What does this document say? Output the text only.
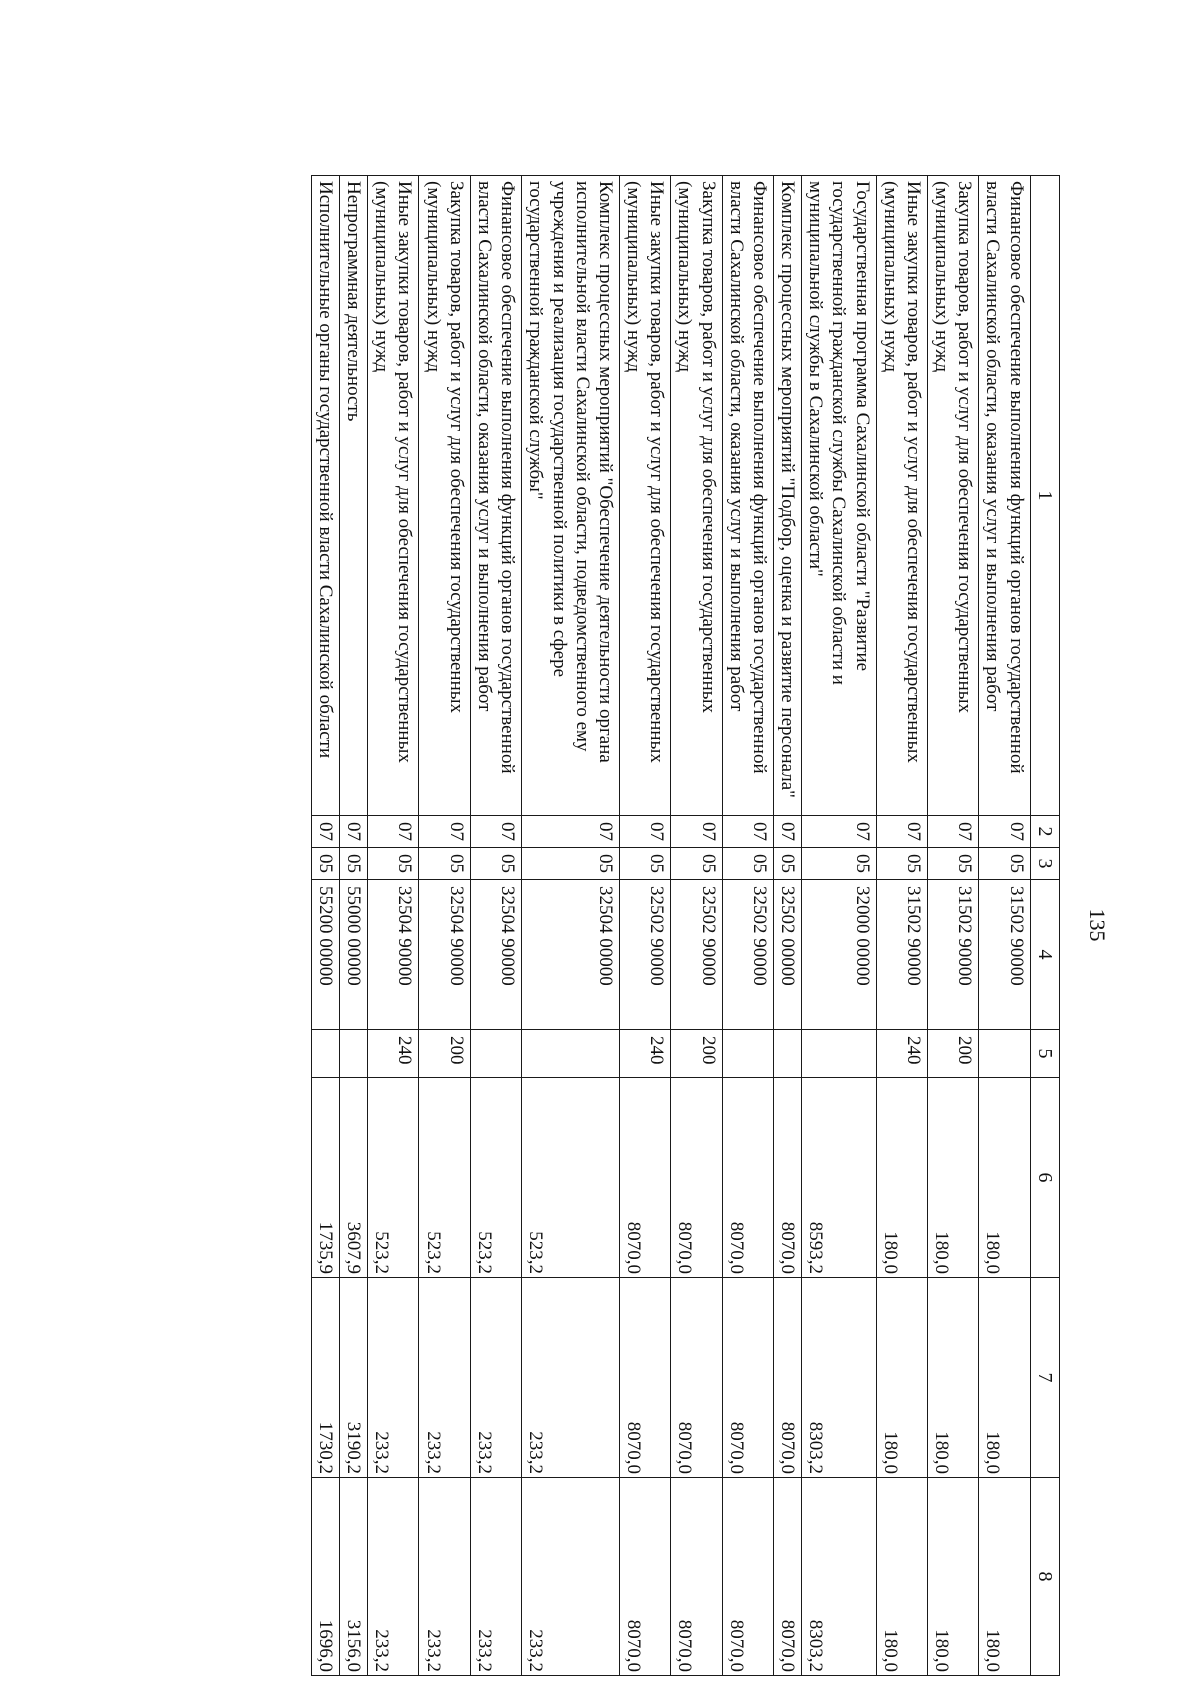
135
1	2	3	4	5	6	7	8
Финансовое обеспечение выполнения функций органов государственной власти Сахалинской области, оказания услуг и выполнения работ	07	05	31502 90000		180,0	180,0	180,0
Закупка товаров, работ и услуг для обеспечения государственных (муниципальных) нужд	07	05	31502 90000	200	180,0	180,0	180,0
Иные закупки товаров, работ и услуг для обеспечения государственных (муниципальных) нужд	07	05	31502 90000	240	180,0	180,0	180,0
Государственная программа Сахалинской области "Развитие государственной гражданской службы Сахалинской области и муниципальной службы в Сахалинской области"	07	05	32000 00000		8593,2	8303,2	8303,2
Комплекс процессных мероприятий "Подбор, оценка и развитие персонала"	07	05	32502 00000		8070,0	8070,0	8070,0
Финансовое обеспечение выполнения функций органов государственной власти Сахалинской области, оказания услуг и выполнения работ	07	05	32502 90000		8070,0	8070,0	8070,0
Закупка товаров, работ и услуг для обеспечения государственных (муниципальных) нужд	07	05	32502 90000	200	8070,0	8070,0	8070,0
Иные закупки товаров, работ и услуг для обеспечения государственных (муниципальных) нужд	07	05	32502 90000	240	8070,0	8070,0	8070,0
Комплекс процессных мероприятий "Обеспечение деятельности органа исполнительной власти Сахалинской области, подведомственного ему учреждения и реализация государственной политики в сфере государственной гражданской службы"	07	05	32504 00000		523,2	233,2	233,2
Финансовое обеспечение выполнения функций органов государственной власти Сахалинской области, оказания услуг и выполнения работ	07	05	32504 90000		523,2	233,2	233,2
Закупка товаров, работ и услуг для обеспечения государственных (муниципальных) нужд	07	05	32504 90000	200	523,2	233,2	233,2
Иные закупки товаров, работ и услуг для обеспечения государственных (муниципальных) нужд	07	05	32504 90000	240	523,2	233,2	233,2
Непрограммная деятельность	07	05	55000 00000		3607,9	3190,2	3156,0
Исполнительные органы государственной власти Сахалинской области	07	05	55200 00000		1735,9	1730,2	1696,0
